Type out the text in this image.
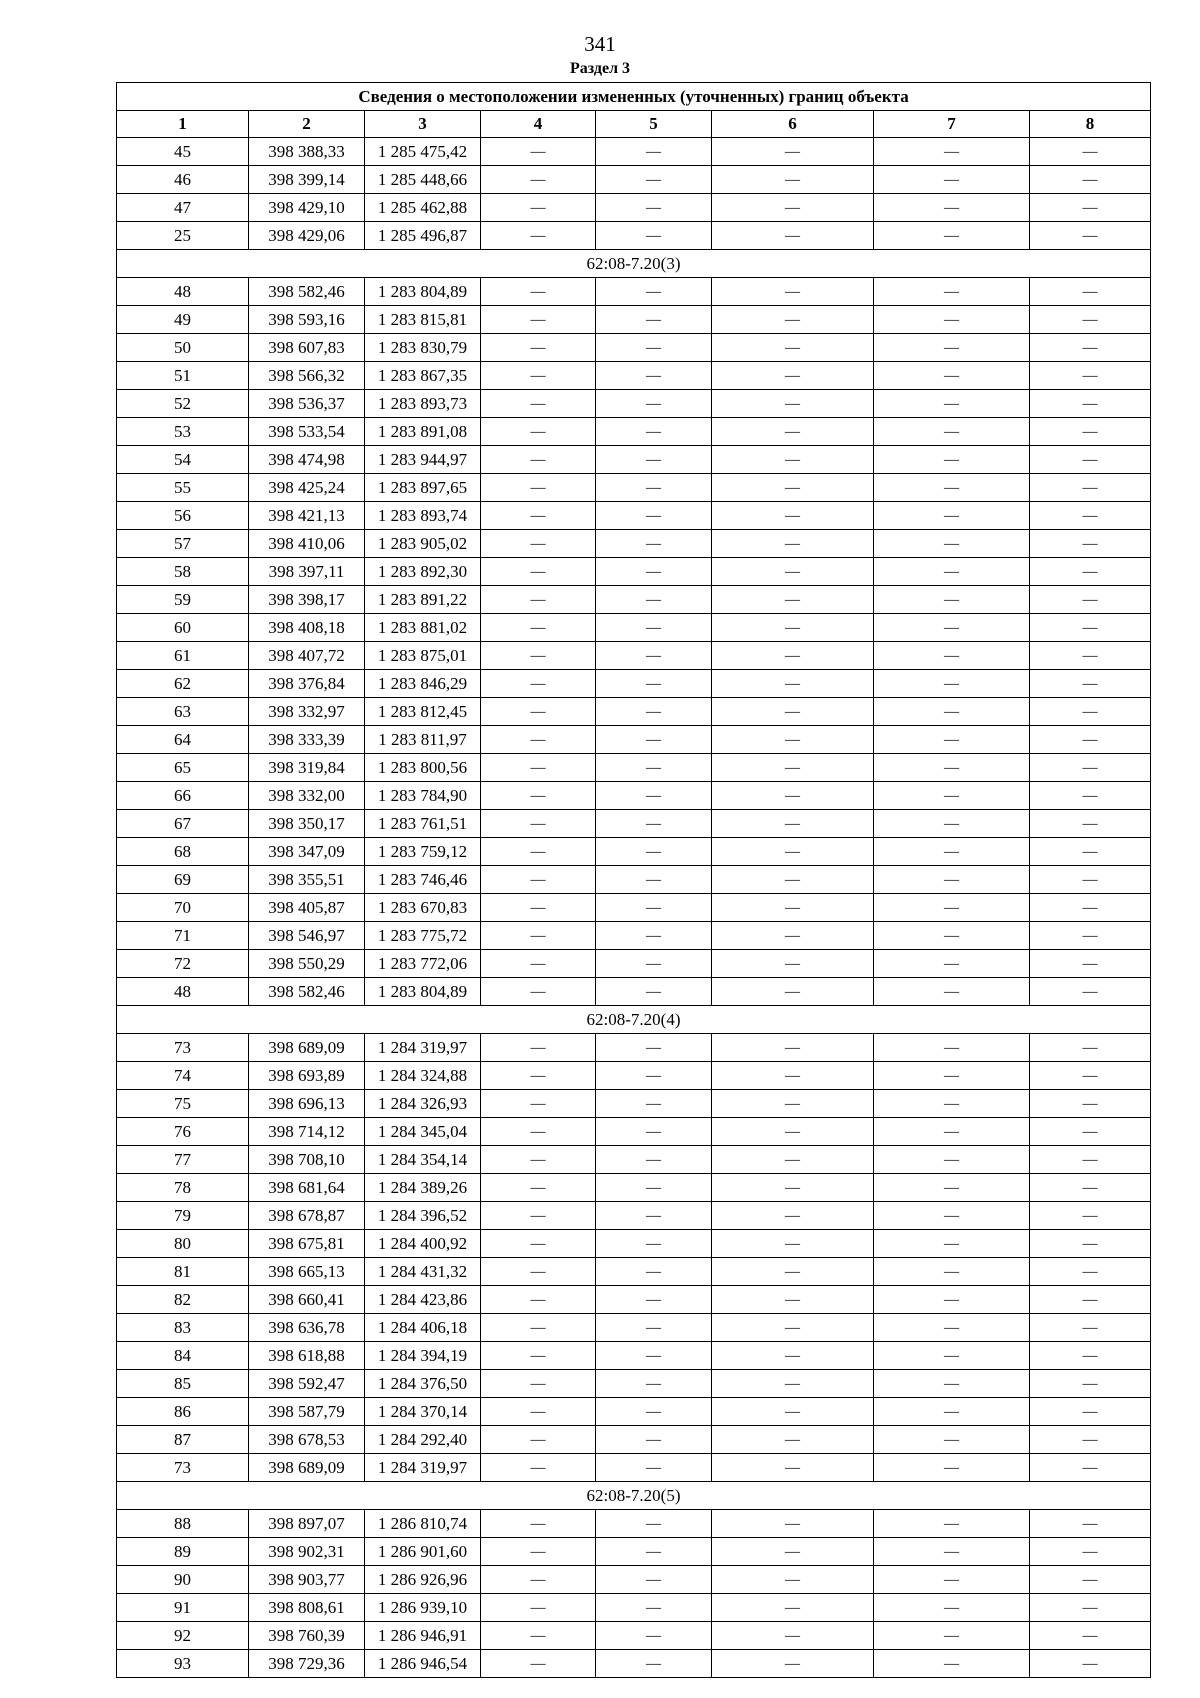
341
Раздел 3
Сведения о местоположении измененных (уточненных) границ объекта							
1	2	3	4	5	6	7	8
45	398 388,33	1 285 475,42	—	—	—	—	—
46	398 399,14	1 285 448,66	—	—	—	—	—
47	398 429,10	1 285 462,88	—	—	—	—	—
25	398 429,06	1 285 496,87	—	—	—	—	—
62:08-7.20(3)							
48	398 582,46	1 283 804,89	—	—	—	—	—
49	398 593,16	1 283 815,81	—	—	—	—	—
50	398 607,83	1 283 830,79	—	—	—	—	—
51	398 566,32	1 283 867,35	—	—	—	—	—
52	398 536,37	1 283 893,73	—	—	—	—	—
53	398 533,54	1 283 891,08	—	—	—	—	—
54	398 474,98	1 283 944,97	—	—	—	—	—
55	398 425,24	1 283 897,65	—	—	—	—	—
56	398 421,13	1 283 893,74	—	—	—	—	—
57	398 410,06	1 283 905,02	—	—	—	—	—
58	398 397,11	1 283 892,30	—	—	—	—	—
59	398 398,17	1 283 891,22	—	—	—	—	—
60	398 408,18	1 283 881,02	—	—	—	—	—
61	398 407,72	1 283 875,01	—	—	—	—	—
62	398 376,84	1 283 846,29	—	—	—	—	—
63	398 332,97	1 283 812,45	—	—	—	—	—
64	398 333,39	1 283 811,97	—	—	—	—	—
65	398 319,84	1 283 800,56	—	—	—	—	—
66	398 332,00	1 283 784,90	—	—	—	—	—
67	398 350,17	1 283 761,51	—	—	—	—	—
68	398 347,09	1 283 759,12	—	—	—	—	—
69	398 355,51	1 283 746,46	—	—	—	—	—
70	398 405,87	1 283 670,83	—	—	—	—	—
71	398 546,97	1 283 775,72	—	—	—	—	—
72	398 550,29	1 283 772,06	—	—	—	—	—
48	398 582,46	1 283 804,89	—	—	—	—	—
62:08-7.20(4)							
73	398 689,09	1 284 319,97	—	—	—	—	—
74	398 693,89	1 284 324,88	—	—	—	—	—
75	398 696,13	1 284 326,93	—	—	—	—	—
76	398 714,12	1 284 345,04	—	—	—	—	—
77	398 708,10	1 284 354,14	—	—	—	—	—
78	398 681,64	1 284 389,26	—	—	—	—	—
79	398 678,87	1 284 396,52	—	—	—	—	—
80	398 675,81	1 284 400,92	—	—	—	—	—
81	398 665,13	1 284 431,32	—	—	—	—	—
82	398 660,41	1 284 423,86	—	—	—	—	—
83	398 636,78	1 284 406,18	—	—	—	—	—
84	398 618,88	1 284 394,19	—	—	—	—	—
85	398 592,47	1 284 376,50	—	—	—	—	—
86	398 587,79	1 284 370,14	—	—	—	—	—
87	398 678,53	1 284 292,40	—	—	—	—	—
73	398 689,09	1 284 319,97	—	—	—	—	—
62:08-7.20(5)							
88	398 897,07	1 286 810,74	—	—	—	—	—
89	398 902,31	1 286 901,60	—	—	—	—	—
90	398 903,77	1 286 926,96	—	—	—	—	—
91	398 808,61	1 286 939,10	—	—	—	—	—
92	398 760,39	1 286 946,91	—	—	—	—	—
93	398 729,36	1 286 946,54	—	—	—	—	—
